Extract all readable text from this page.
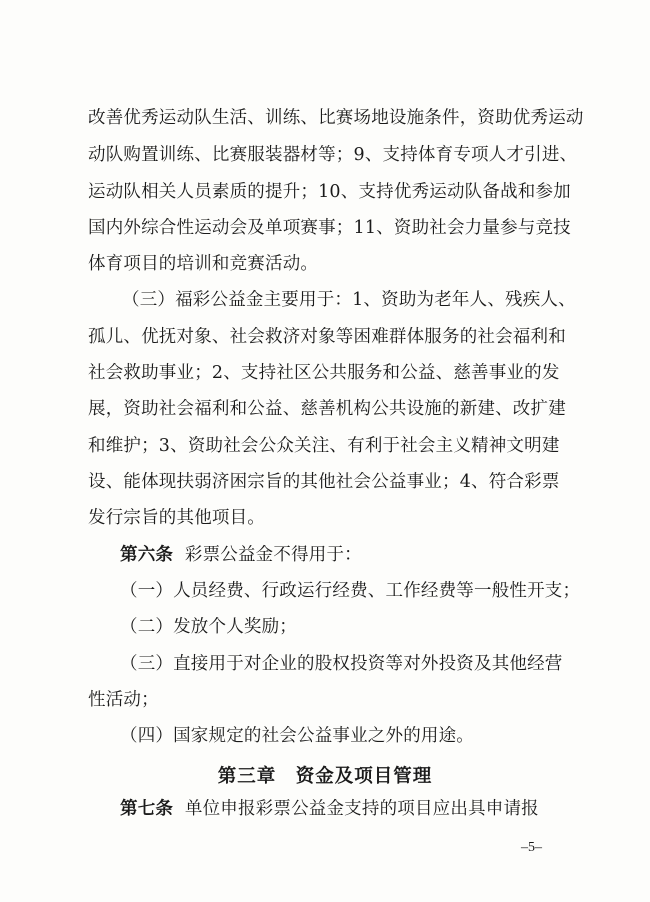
改善优秀运动队生活、训练、比赛场地设施条件，资助优秀运动
动队购置训练、比赛服装器材等；9、支持体育专项人才引进、
运动队相关人员素质的提升；10、支持优秀运动队备战和参加
国内外综合性运动会及单项赛事；11、资助社会力量参与竞技
体育项目的培训和竞赛活动。
（三）福彩公益金主要用于：1、资助为老年人、残疾人、
孤儿、优抚对象、社会救济对象等困难群体服务的社会福利和
社会救助事业；2、支持社区公共服务和公益、慈善事业的发
展，资助社会福利和公益、慈善机构公共设施的新建、改扩建
和维护；3、资助社会公众关注、有利于社会主义精神文明建
设、能体现扶弱济困宗旨的其他社会公益事业；4、符合彩票
发行宗旨的其他项目。
第六条 彩票公益金不得用于：
（一）人员经费、行政运行经费、工作经费等一般性开支；
（二）发放个人奖励；
（三）直接用于对企业的股权投资等对外投资及其他经营
性活动；
（四）国家规定的社会公益事业之外的用途。
第三章　资金及项目管理
第七条 单位申报彩票公益金支持的项目应出具申请报
–5–
